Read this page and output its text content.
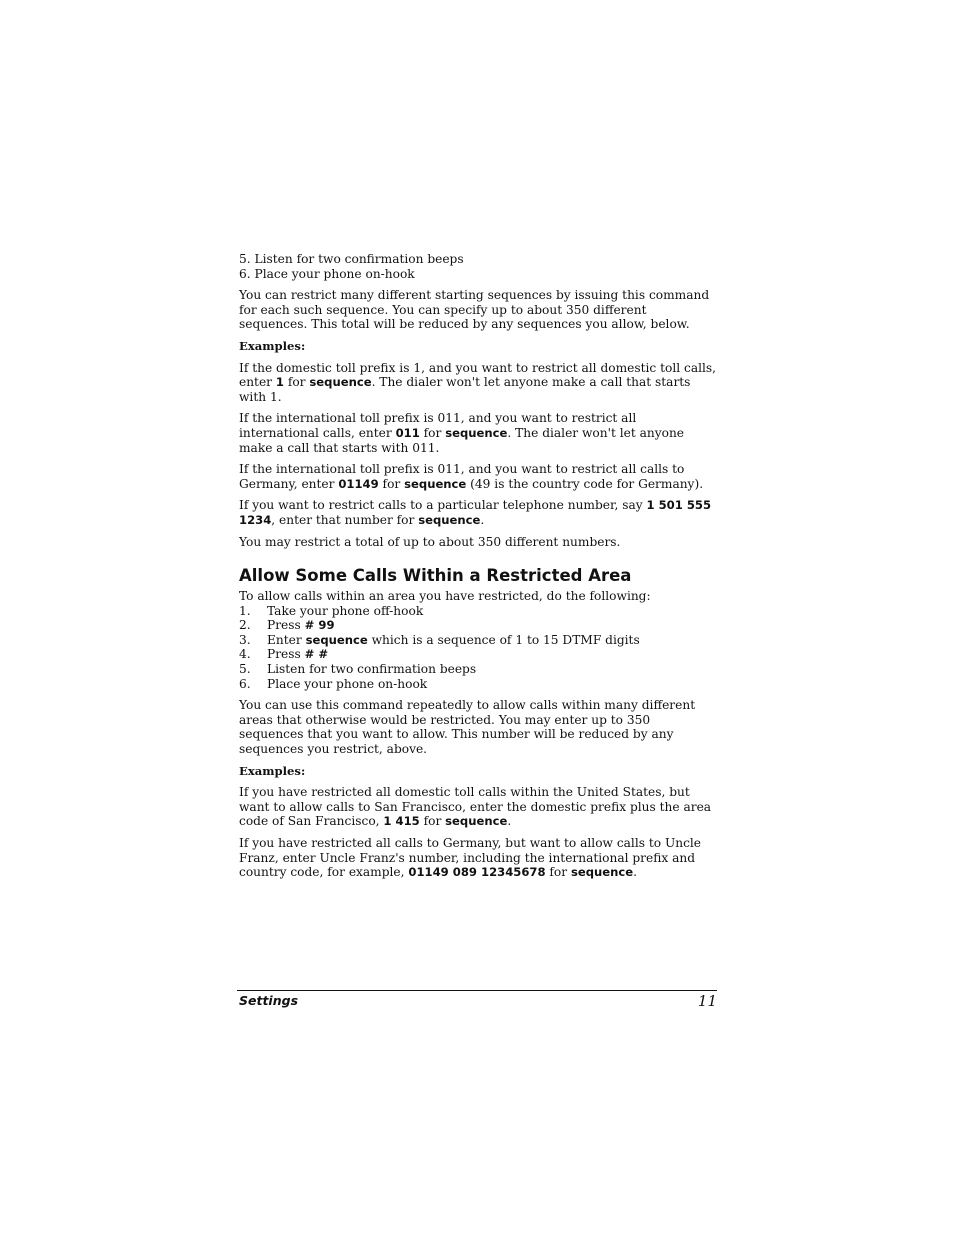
5. Listen for two confirmation beeps
6. Place your phone on-hook

You can restrict many different starting sequences by issuing this command for each such sequence. You can specify up to about 350 different sequences. This total will be reduced by any sequences you allow, below.

Examples:

If the domestic toll prefix is 1, and you want to restrict all domestic toll calls, enter 1 for sequence. The dialer won't let anyone make a call that starts with 1.

If the international toll prefix is 011, and you want to restrict all international calls, enter 011 for sequence. The dialer won't let anyone make a call that starts with 011.

If the international toll prefix is 011, and you want to restrict all calls to Germany, enter 01149 for sequence (49 is the country code for Germany).

If you want to restrict calls to a particular telephone number, say 1 501 555 1234, enter that number for sequence.

You may restrict a total of up to about 350 different numbers.

Allow Some Calls Within a Restricted Area
To allow calls within an area you have restricted, do the following:
1.	Take your phone off-hook
2.	Press # 99
3.	Enter sequence which is a sequence of 1 to 15 DTMF digits
4.	Press # #
5.	Listen for two confirmation beeps
6.	Place your phone on-hook

You can use this command repeatedly to allow calls within many different areas that otherwise would be restricted. You may enter up to 350 sequences that you want to allow. This number will be reduced by any sequences you restrict, above.

Examples:

If you have restricted all domestic toll calls within the United States, but want to allow calls to San Francisco, enter the domestic prefix plus the area code of San Francisco, 1 415 for sequence.

If you have restricted all calls to Germany, but want to allow calls to Uncle Franz, enter Uncle Franz's number, including the international prefix and country code, for example, 01149 089 12345678 for sequence.

Settings	11
